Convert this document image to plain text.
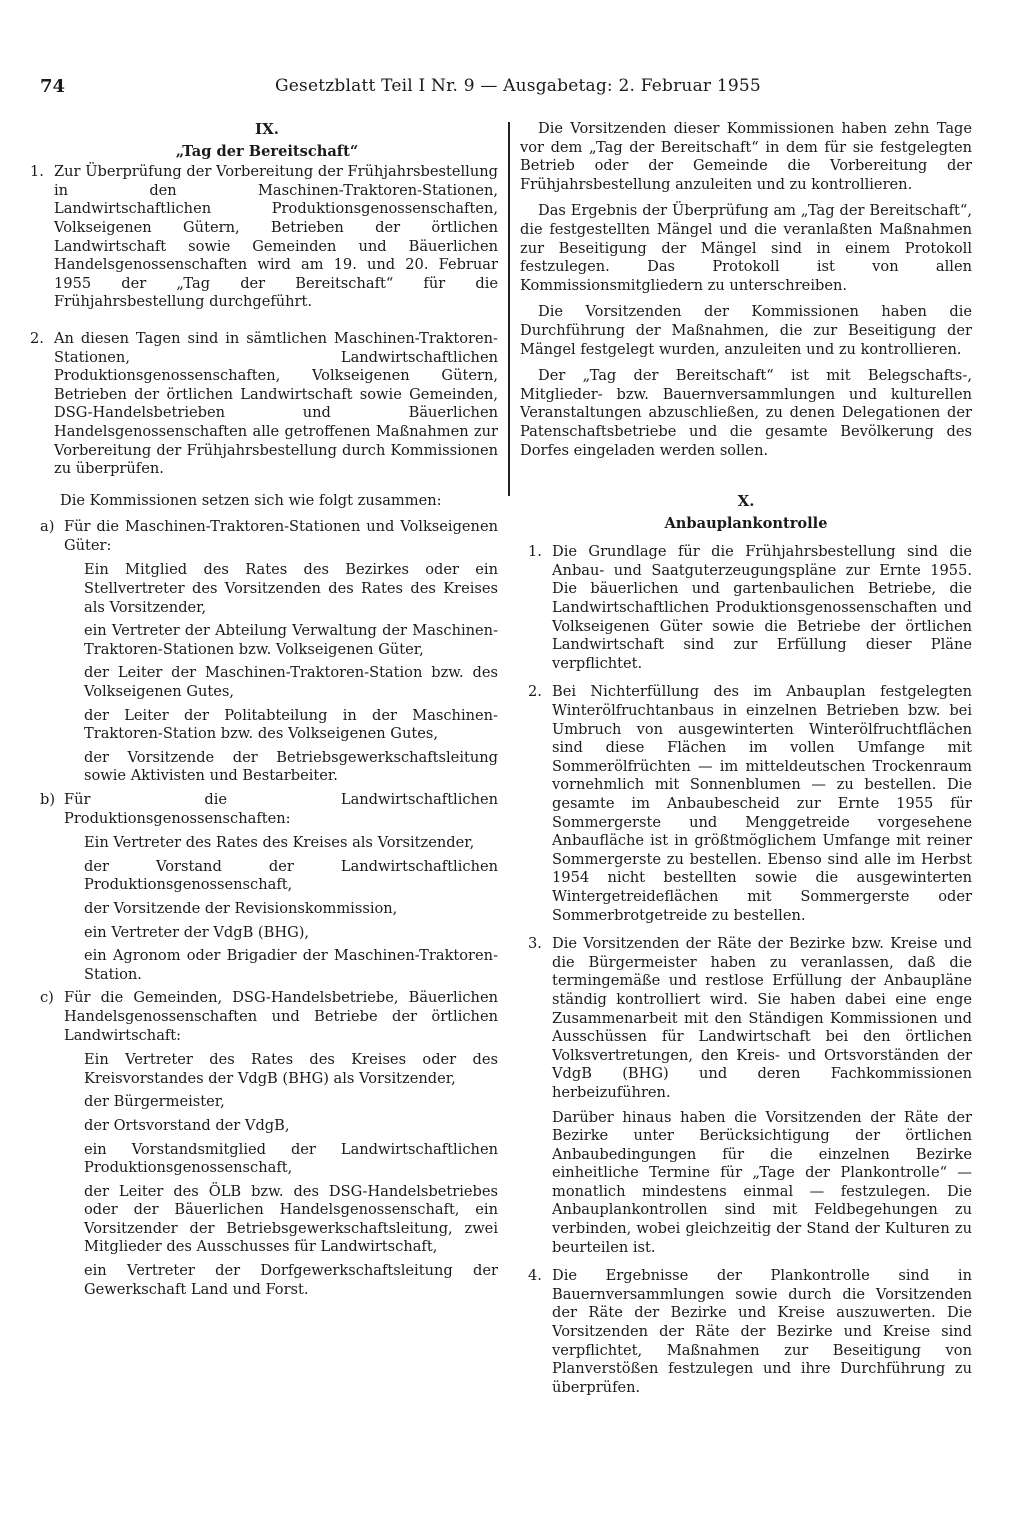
74	Gesetzblatt Teil I Nr. 9 — Ausgabetag: 2. Februar 1955

IX.

„Tag der Bereitschaft“

1. Zur Überprüfung der Vorbereitung der Frühjahrsbestellung in den Maschinen-Traktoren-Stationen, Landwirtschaftlichen Produktionsgenossenschaften, Volkseigenen Gütern, Betrieben der örtlichen Landwirtschaft sowie Gemeinden und Bäuerlichen Handelsgenossenschaften wird am 19. und 20. Februar 1955 der „Tag der Bereitschaft“ für die Frühjahrsbestellung durchgeführt.

2. An diesen Tagen sind in sämtlichen Maschinen-Traktoren-Stationen, Landwirtschaftlichen Produktionsgenossenschaften, Volkseigenen Gütern, Betrieben der örtlichen Landwirtschaft sowie Gemeinden, DSG-Handelsbetrieben und Bäuerlichen Handelsgenossenschaften alle getroffenen Maßnahmen zur Vorbereitung der Frühjahrsbestellung durch Kommissionen zu überprüfen.

Die Kommissionen setzen sich wie folgt zusammen:

a) Für die Maschinen-Traktoren-Stationen und Volkseigenen Güter:

Ein Mitglied des Rates des Bezirkes oder ein Stellvertreter des Vorsitzenden des Rates des Kreises als Vorsitzender,

ein Vertreter der Abteilung Verwaltung der Maschinen-Traktoren-Stationen bzw. Volkseigenen Güter,

der Leiter der Maschinen-Traktoren-Station bzw. des Volkseigenen Gutes,

der Leiter der Politabteilung in der Maschinen-Traktoren-Station bzw. des Volkseigenen Gutes,

der Vorsitzende der Betriebsgewerkschaftsleitung sowie Aktivisten und Bestarbeiter.

b) Für die Landwirtschaftlichen Produktionsgenossenschaften:

Ein Vertreter des Rates des Kreises als Vorsitzender,

der Vorstand der Landwirtschaftlichen Produktionsgenossenschaft,

der Vorsitzende der Revisionskommission,

ein Vertreter der VdgB (BHG),

ein Agronom oder Brigadier der Maschinen-Traktoren-Station.

c) Für die Gemeinden, DSG-Handelsbetriebe, Bäuerlichen Handelsgenossenschaften und Betriebe der örtlichen Landwirtschaft:

Ein Vertreter des Rates des Kreises oder des Kreisvorstandes der VdgB (BHG) als Vorsitzender,

der Bürgermeister,

der Ortsvorstand der VdgB,

ein Vorstandsmitglied der Landwirtschaftlichen Produktionsgenossenschaft,

der Leiter des ÖLB bzw. des DSG-Handelsbetriebes oder der Bäuerlichen Handelsgenossenschaft, ein Vorsitzender der Betriebsgewerkschaftsleitung, zwei Mitglieder des Ausschusses für Landwirtschaft,

ein Vertreter der Dorfgewerkschaftsleitung der Gewerkschaft Land und Forst.

Die Vorsitzenden dieser Kommissionen haben zehn Tage vor dem „Tag der Bereitschaft“ in dem für sie festgelegten Betrieb oder der Gemeinde die Vorbereitung der Frühjahrsbestellung anzuleiten und zu kontrollieren.

Das Ergebnis der Überprüfung am „Tag der Bereitschaft“, die festgestellten Mängel und die veranlaßten Maßnahmen zur Beseitigung der Mängel sind in einem Protokoll festzulegen. Das Protokoll ist von allen Kommissionsmitgliedern zu unterschreiben.

Die Vorsitzenden der Kommissionen haben die Durchführung der Maßnahmen, die zur Beseitigung der Mängel festgelegt wurden, anzuleiten und zu kontrollieren.

Der „Tag der Bereitschaft“ ist mit Belegschafts-, Mitglieder- bzw. Bauernversammlungen und kulturellen Veranstaltungen abzuschließen, zu denen Delegationen der Patenschaftsbetriebe und die gesamte Bevölkerung des Dorfes eingeladen werden sollen.

X.

Anbauplankontrolle

1. Die Grundlage für die Frühjahrsbestellung sind die Anbau- und Saatguterzeugungspläne zur Ernte 1955. Die bäuerlichen und gartenbaulichen Betriebe, die Landwirtschaftlichen Produktionsgenossenschaften und Volkseigenen Güter sowie die Betriebe der örtlichen Landwirtschaft sind zur Erfüllung dieser Pläne verpflichtet.

2. Bei Nichterfüllung des im Anbauplan festgelegten Winterölfruchtanbaus in einzelnen Betrieben bzw. bei Umbruch von ausgewinterten Winterölfruchtflächen sind diese Flächen im vollen Umfange mit Sommerölfrüchten — im mitteldeutschen Trockenraum vornehmlich mit Sonnenblumen — zu bestellen. Die gesamte im Anbaubescheid zur Ernte 1955 für Sommergerste und Menggetreide vorgesehene Anbaufläche ist in größtmöglichem Umfange mit reiner Sommergerste zu bestellen. Ebenso sind alle im Herbst 1954 nicht bestellten sowie die ausgewinterten Wintergetreideflächen mit Sommergerste oder Sommerbrotgetreide zu bestellen.

3. Die Vorsitzenden der Räte der Bezirke bzw. Kreise und die Bürgermeister haben zu veranlassen, daß die termingemäße und restlose Erfüllung der Anbaupläne ständig kontrolliert wird. Sie haben dabei eine enge Zusammenarbeit mit den Ständigen Kommissionen und Ausschüssen für Landwirtschaft bei den örtlichen Volksvertretungen, den Kreis- und Ortsvorständen der VdgB (BHG) und deren Fachkommissionen herbeizuführen.

Darüber hinaus haben die Vorsitzenden der Räte der Bezirke unter Berücksichtigung der örtlichen Anbaubedingungen für die einzelnen Bezirke einheitliche Termine für „Tage der Plankontrolle“ — monatlich mindestens einmal — festzulegen. Die Anbauplankontrollen sind mit Feldbegehungen zu verbinden, wobei gleichzeitig der Stand der Kulturen zu beurteilen ist.

4. Die Ergebnisse der Plankontrolle sind in Bauernversammlungen sowie durch die Vorsitzenden der Räte der Bezirke und Kreise auszuwerten. Die Vorsitzenden der Räte der Bezirke und Kreise sind verpflichtet, Maßnahmen zur Beseitigung von Planverstößen festzulegen und ihre Durchführung zu überprüfen.
